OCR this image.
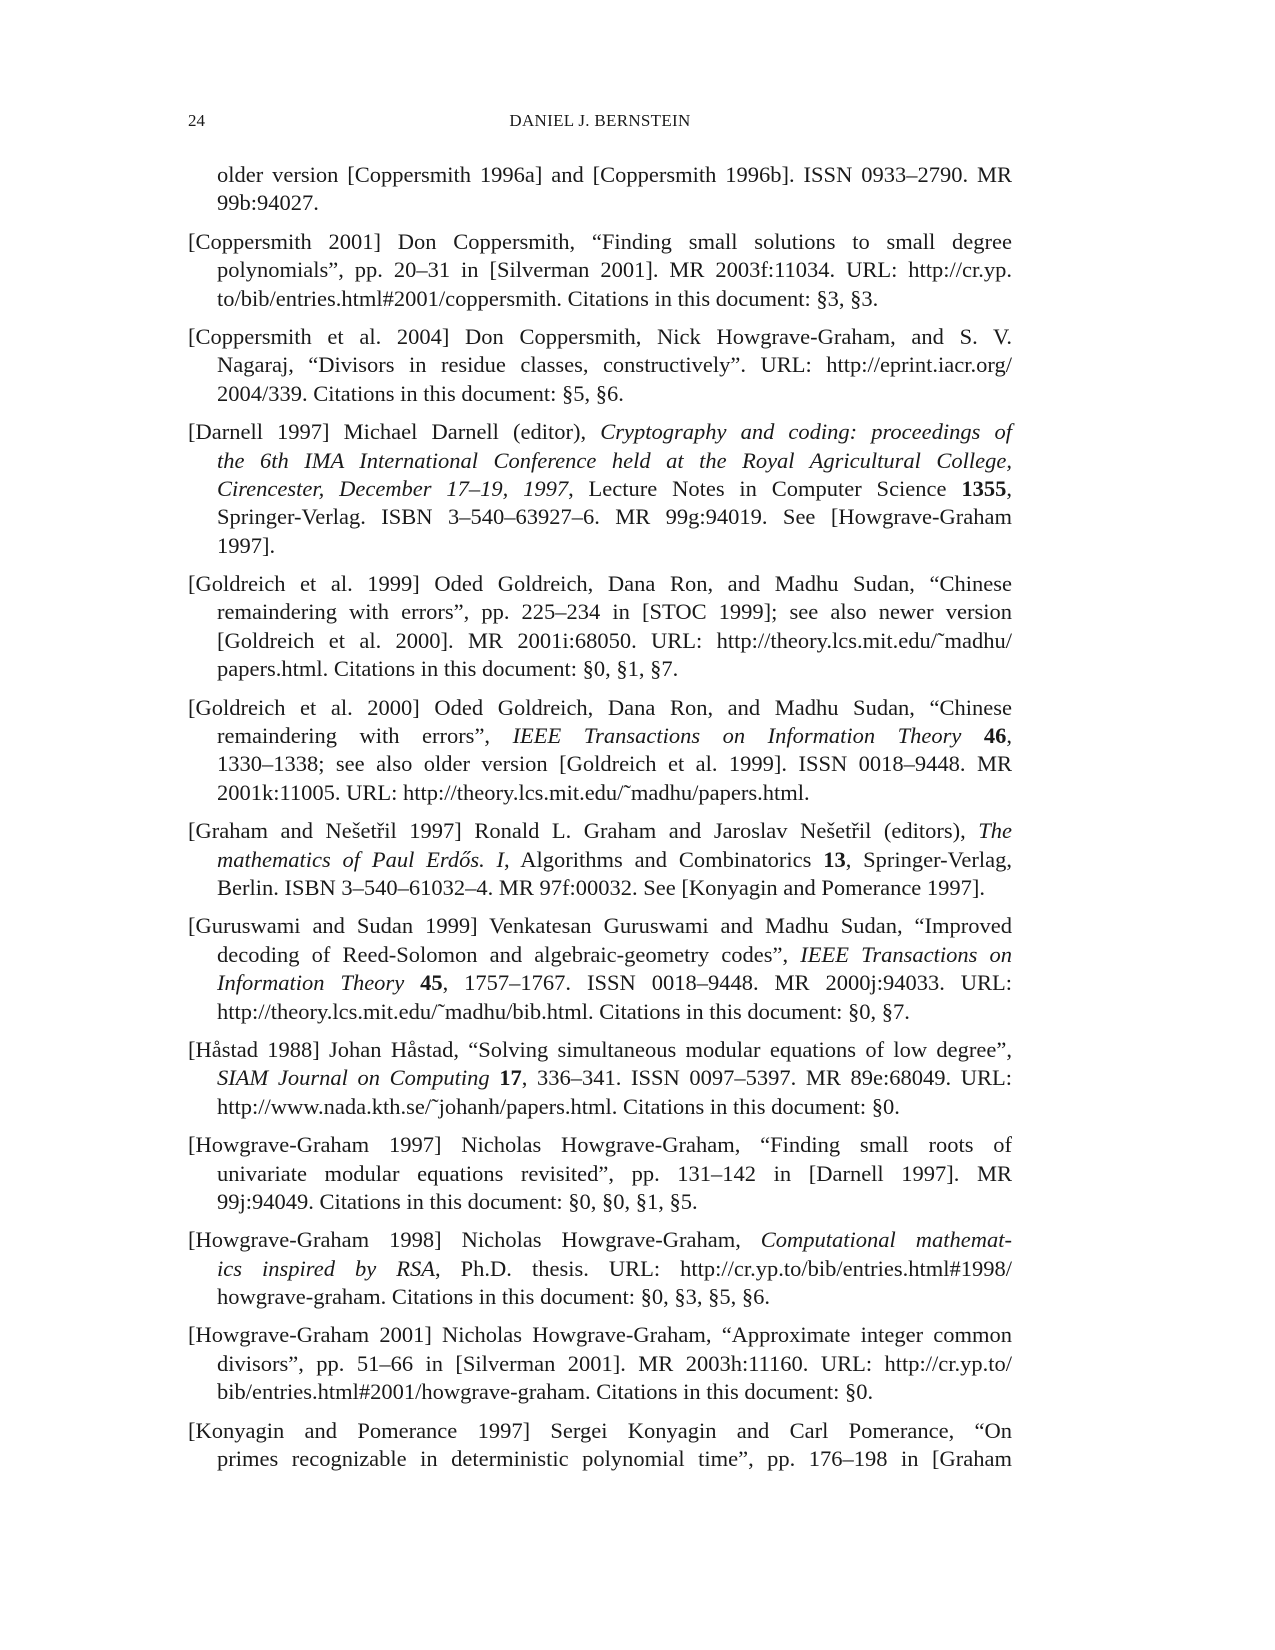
24	DANIEL J. BERNSTEIN
older version [Coppersmith 1996a] and [Coppersmith 1996b]. ISSN 0933–2790. MR
99b:94027.
[Coppersmith 2001] Don Coppersmith, “Finding small solutions to small degree
polynomials”, pp. 20–31 in [Silverman 2001]. MR 2003f:11034. URL: http://cr.yp.
to/bib/entries.html#2001/coppersmith. Citations in this document: §3, §3.
[Coppersmith et al. 2004] Don Coppersmith, Nick Howgrave-Graham, and S. V.
Nagaraj, “Divisors in residue classes, constructively”. URL: http://eprint.iacr.org/
2004/339. Citations in this document: §5, §6.
[Darnell 1997] Michael Darnell (editor), Cryptography and coding: proceedings of
the 6th IMA International Conference held at the Royal Agricultural College,
Cirencester, December 17–19, 1997, Lecture Notes in Computer Science 1355,
Springer-Verlag. ISBN 3–540–63927–6. MR 99g:94019. See [Howgrave-Graham
1997].
[Goldreich et al. 1999] Oded Goldreich, Dana Ron, and Madhu Sudan, “Chinese
remaindering with errors”, pp. 225–234 in [STOC 1999]; see also newer version
[Goldreich et al. 2000]. MR 2001i:68050. URL: http://theory.lcs.mit.edu/˜madhu/
papers.html. Citations in this document: §0, §1, §7.
[Goldreich et al. 2000] Oded Goldreich, Dana Ron, and Madhu Sudan, “Chinese
remaindering with errors”, IEEE Transactions on Information Theory 46,
1330–1338; see also older version [Goldreich et al. 1999]. ISSN 0018–9448. MR
2001k:11005. URL: http://theory.lcs.mit.edu/˜madhu/papers.html.
[Graham and Nešetřil 1997] Ronald L. Graham and Jaroslav Nešetřil (editors), The
mathematics of Paul Erdős. I, Algorithms and Combinatorics 13, Springer-Verlag,
Berlin. ISBN 3–540–61032–4. MR 97f:00032. See [Konyagin and Pomerance 1997].
[Guruswami and Sudan 1999] Venkatesan Guruswami and Madhu Sudan, “Improved
decoding of Reed-Solomon and algebraic-geometry codes”, IEEE Transactions on
Information Theory 45, 1757–1767. ISSN 0018–9448. MR 2000j:94033. URL:
http://theory.lcs.mit.edu/˜madhu/bib.html. Citations in this document: §0, §7.
[Håstad 1988] Johan Håstad, “Solving simultaneous modular equations of low degree”,
SIAM Journal on Computing 17, 336–341. ISSN 0097–5397. MR 89e:68049. URL:
http://www.nada.kth.se/˜johanh/papers.html. Citations in this document: §0.
[Howgrave-Graham 1997] Nicholas Howgrave-Graham, “Finding small roots of
univariate modular equations revisited”, pp. 131–142 in [Darnell 1997]. MR
99j:94049. Citations in this document: §0, §0, §1, §5.
[Howgrave-Graham 1998] Nicholas Howgrave-Graham, Computational mathemat-
ics inspired by RSA, Ph.D. thesis. URL: http://cr.yp.to/bib/entries.html#1998/
howgrave-graham. Citations in this document: §0, §3, §5, §6.
[Howgrave-Graham 2001] Nicholas Howgrave-Graham, “Approximate integer common
divisors”, pp. 51–66 in [Silverman 2001]. MR 2003h:11160. URL: http://cr.yp.to/
bib/entries.html#2001/howgrave-graham. Citations in this document: §0.
[Konyagin and Pomerance 1997] Sergei Konyagin and Carl Pomerance, “On
primes recognizable in deterministic polynomial time”, pp. 176–198 in [Graham
